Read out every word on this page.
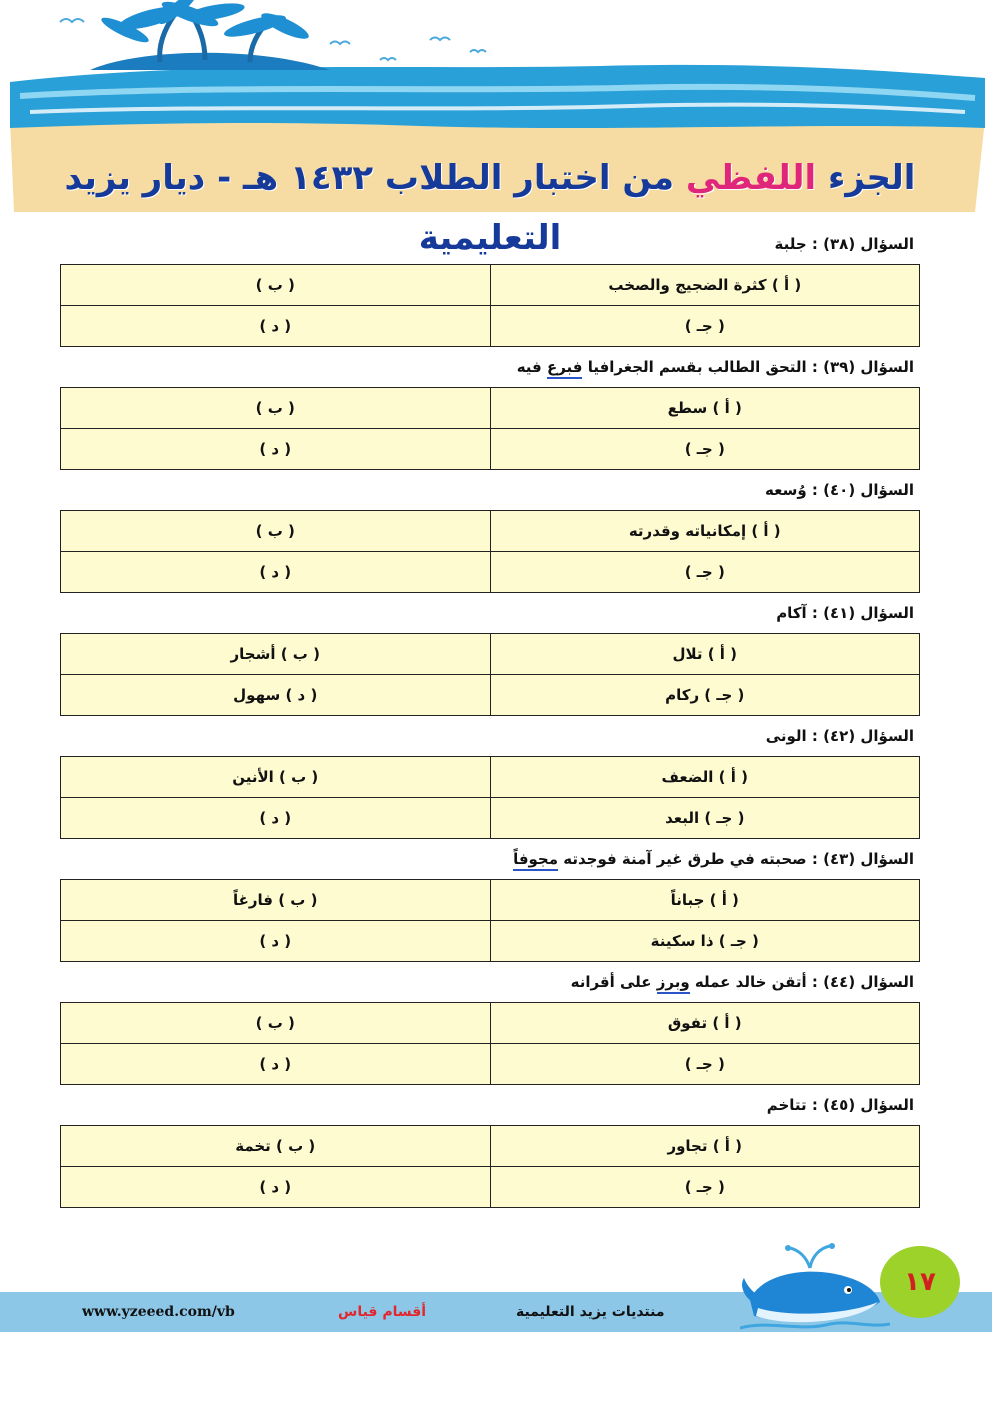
الجزء اللفظي من اختبار الطلاب ١٤٣٢ هـ - ديار يزيد التعليمية	السؤال (٣٨) : جلبة
( أ ) كثرة الضجيج والصخب	( ب )
( جـ )	( د )
السؤال (٣٩) : التحق الطالب بقسم الجغرافيا فبرع فيه
( أ ) سطع	( ب )
( جـ )	( د )
السؤال (٤٠) : وُسعه
( أ ) إمكانياته وقدرته	( ب )
( جـ )	( د )
السؤال (٤١) : آكام
( أ ) تلال	( ب ) أشجار
( جـ ) ركام	( د ) سهول
السؤال (٤٢) : الونى
( أ ) الضعف	( ب ) الأنين
( جـ ) البعد	( د )
السؤال (٤٣) : صحبته في طرق غير آمنة فوجدته مجوفاً
( أ ) جباناً	( ب ) فارغاً
( جـ ) ذا سكينة	( د )
السؤال (٤٤) : أتقن خالد عمله وبرز على أقرانه
( أ ) تفوق	( ب )
( جـ )	( د )
السؤال (٤٥) : تتاخم
( أ ) تجاور	( ب ) تخمة
( جـ )	( د )
www.yzeeed.com/vb	أقسام قياس	منتديات يزيد التعليمية
١٧
